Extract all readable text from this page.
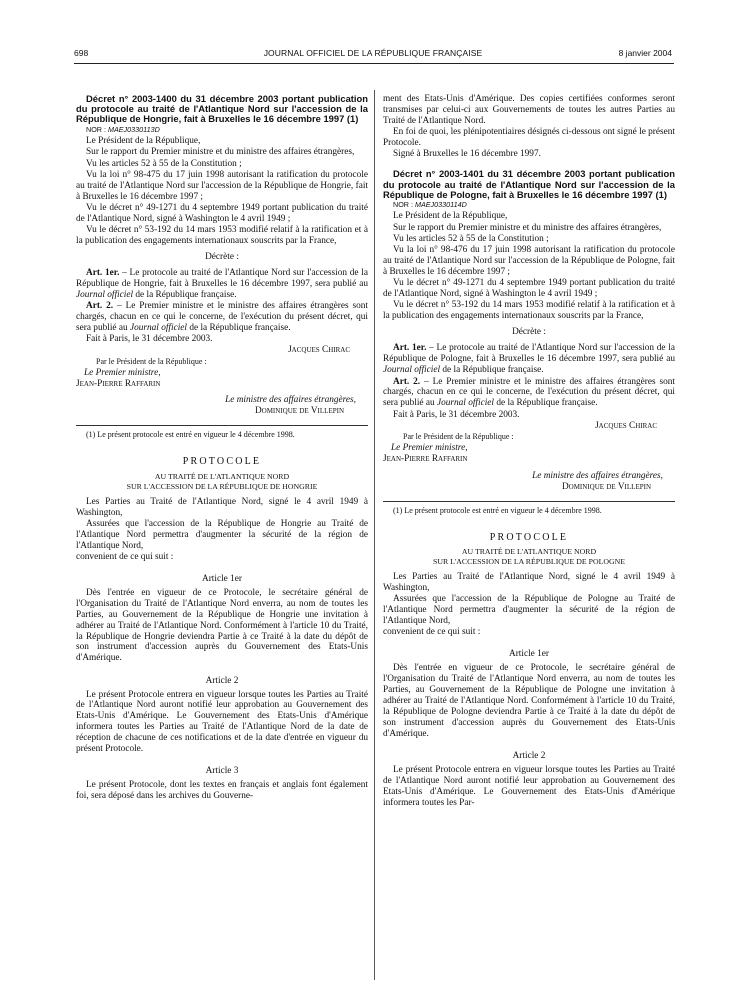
698	JOURNAL OFFICIEL DE LA RÉPUBLIQUE FRANÇAISE	8 janvier 2004

Décret n° 2003-1400 du 31 décembre 2003 portant publication du protocole au traité de l'Atlantique Nord sur l'accession de la République de Hongrie, fait à Bruxelles le 16 décembre 1997 (1)

NOR : MAEJ0330113D

Le Président de la République,

Sur le rapport du Premier ministre et du ministre des affaires étrangères,

Vu les articles 52 à 55 de la Constitution ;

Vu la loi n° 98-475 du 17 juin 1998 autorisant la ratification du protocole au traité de l'Atlantique Nord sur l'accession de la République de Hongrie, fait à Bruxelles le 16 décembre 1997 ;

Vu le décret n° 49-1271 du 4 septembre 1949 portant publication du traité de l'Atlantique Nord, signé à Washington le 4 avril 1949 ;

Vu le décret n° 53-192 du 14 mars 1953 modifié relatif à la ratification et à la publication des engagements internationaux souscrits par la France,

Décrète :

Art. 1er. – Le protocole au traité de l'Atlantique Nord sur l'accession de la République de Hongrie, fait à Bruxelles le 16 décembre 1997, sera publié au Journal officiel de la République française.

Art. 2. – Le Premier ministre et le ministre des affaires étrangères sont chargés, chacun en ce qui le concerne, de l'exécution du présent décret, qui sera publié au Journal officiel de la République française.

Fait à Paris, le 31 décembre 2003.

Jacques Chirac

Par le Président de la République :

Le Premier ministre,

Jean-Pierre Raffarin

Le ministre des affaires étrangères,

Dominique de Villepin

(1) Le présent protocole est entré en vigueur le 4 décembre 1998.

PROTOCOLE

AU TRAITÉ DE L'ATLANTIQUE NORD

SUR L'ACCESSION DE LA RÉPUBLIQUE DE HONGRIE

Les Parties au Traité de l'Atlantique Nord, signé le 4 avril 1949 à Washington,

Assurées que l'accession de la République de Hongrie au Traité de l'Atlantique Nord permettra d'augmenter la sécurité de la région de l'Atlantique Nord,

convenient de ce qui suit :

Article 1er

Dès l'entrée en vigueur de ce Protocole, le secrétaire général de l'Organisation du Traité de l'Atlantique Nord enverra, au nom de toutes les Parties, au Gouvernement de la République de Hongrie une invitation à adhérer au Traité de l'Atlantique Nord. Conformément à l'article 10 du Traité, la République de Hongrie deviendra Partie à ce Traité à la date du dépôt de son instrument d'accession auprès du Gouvernement des Etats-Unis d'Amérique.

Article 2

Le présent Protocole entrera en vigueur lorsque toutes les Parties au Traité de l'Atlantique Nord auront notifié leur approbation au Gouvernement des Etats-Unis d'Amérique. Le Gouvernement des Etats-Unis d'Amérique informera toutes les Parties au Traité de l'Atlantique Nord de la date de réception de chacune de ces notifications et de la date d'entrée en vigueur du présent Protocole.

Article 3

Le présent Protocole, dont les textes en français et anglais font également foi, sera déposé dans les archives du Gouverne-

ment des Etats-Unis d'Amérique. Des copies certifiées conformes seront transmises par celui-ci aux Gouvernements de toutes les autres Parties au Traité de l'Atlantique Nord.

En foi de quoi, les plénipotentiaires désignés ci-dessous ont signé le présent Protocole.

Signé à Bruxelles le 16 décembre 1997.

Décret n° 2003-1401 du 31 décembre 2003 portant publication du protocole au traité de l'Atlantique Nord sur l'accession de la République de Pologne, fait à Bruxelles le 16 décembre 1997 (1)

NOR : MAEJ0330114D

Le Président de la République,

Sur le rapport du Premier ministre et du ministre des affaires étrangères,

Vu les articles 52 à 55 de la Constitution ;

Vu la loi n° 98-476 du 17 juin 1998 autorisant la ratification du protocole au traité de l'Atlantique Nord sur l'accession de la République de Pologne, fait à Bruxelles le 16 décembre 1997 ;

Vu le décret n° 49-1271 du 4 septembre 1949 portant publication du traité de l'Atlantique Nord, signé à Washington le 4 avril 1949 ;

Vu le décret n° 53-192 du 14 mars 1953 modifié relatif à la ratification et à la publication des engagements internationaux souscrits par la France,

Décrète :

Art. 1er. – Le protocole au traité de l'Atlantique Nord sur l'accession de la République de Pologne, fait à Bruxelles le 16 décembre 1997, sera publié au Journal officiel de la République française.

Art. 2. – Le Premier ministre et le ministre des affaires étrangères sont chargés, chacun en ce qui le concerne, de l'exécution du présent décret, qui sera publié au Journal officiel de la République française.

Fait à Paris, le 31 décembre 2003.

Jacques Chirac

Par le Président de la République :

Le Premier ministre,

Jean-Pierre Raffarin

Le ministre des affaires étrangères,

Dominique de Villepin

(1) Le présent protocole est entré en vigueur le 4 décembre 1998.

PROTOCOLE

AU TRAITÉ DE L'ATLANTIQUE NORD

SUR L'ACCESSION DE LA RÉPUBLIQUE DE POLOGNE

Les Parties au Traité de l'Atlantique Nord, signé le 4 avril 1949 à Washington,

Assurées que l'accession de la République de Pologne au Traité de l'Atlantique Nord permettra d'augmenter la sécurité de la région de l'Atlantique Nord,

convenient de ce qui suit :

Article 1er

Dès l'entrée en vigueur de ce Protocole, le secrétaire général de l'Organisation du Traité de l'Atlantique Nord enverra, au nom de toutes les Parties, au Gouvernement de la République de Pologne une invitation à adhérer au Traité de l'Atlantique Nord. Conformément à l'article 10 du Traité, la République de Pologne deviendra Partie à ce Traité à la date du dépôt de son instrument d'accession auprès du Gouvernement des Etats-Unis d'Amérique.

Article 2

Le présent Protocole entrera en vigueur lorsque toutes les Parties au Traité de l'Atlantique Nord auront notifié leur approbation au Gouvernement des Etats-Unis d'Amérique. Le Gouvernement des Etats-Unis d'Amérique informera toutes les Par-
